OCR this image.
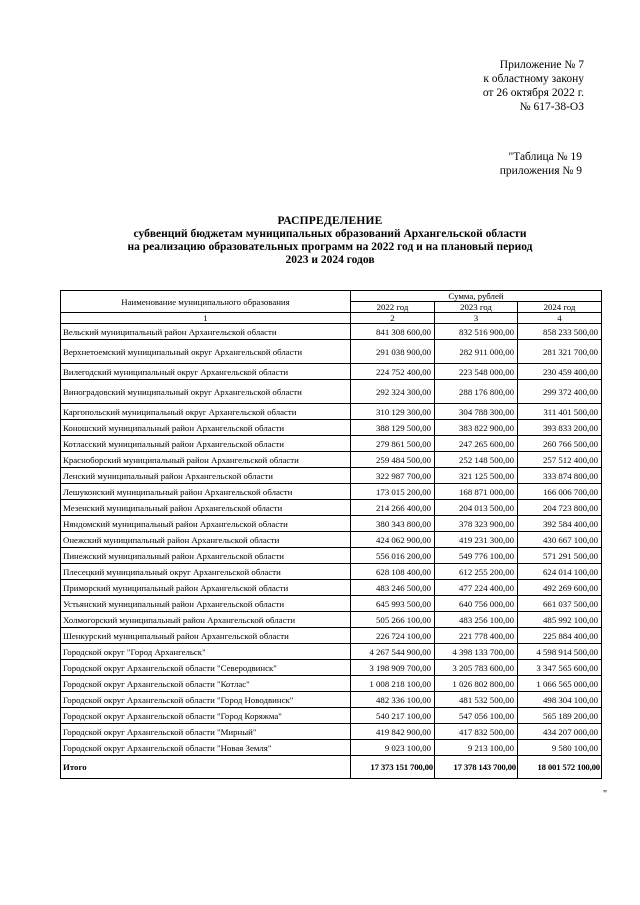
Приложение № 7
к областному закону
от 26 октября 2022 г.
№ 617-38-ОЗ
"Таблица № 19
приложения № 9
РАСПРЕДЕЛЕНИЕ
субвенций бюджетам муниципальных образований Архангельской области
на реализацию образовательных программ на 2022 год и на плановый период
2023 и 2024 годов
Наименование муниципального образования	Сумма, рублей		
	2022 год	2023 год	2024 год
1	2	3	4
Вельский муниципальный район Архангельской области	841 308 600,00	832 516 900,00	858 233 500,00
Верхнетоемский муниципальный округ Архангельской области	291 038 900,00	282 911 000,00	281 321 700,00
Вилегодский муниципальный округ Архангельской области	224 752 400,00	223 548 000,00	230 459 400,00
Виноградовский муниципальный округ Архангельской области	292 324 300,00	288 176 800,00	299 372 400,00
Каргопольский муниципальный округ Архангельской области	310 129 300,00	304 788 300,00	311 401 500,00
Коношский муниципальный район Архангельской области	388 129 500,00	383 822 900,00	393 833 200,00
Котласский муниципальный район Архангельской области	279 861 500,00	247 265 600,00	260 766 500,00
Красноборский муниципальный район Архангельской области	259 484 500,00	252 148 500,00	257 512 400,00
Ленский муниципальный район Архангельской области	322 987 700,00	321 125 500,00	333 874 800,00
Лешуконский муниципальный район Архангельской области	173 015 200,00	168 871 000,00	166 006 700,00
Мезенский муниципальный район Архангельской области	214 266 400,00	204 013 500,00	204 723 800,00
Няндомский муниципальный район Архангельской области	380 343 800,00	378 323 900,00	392 584 400,00
Онежский муниципальный район Архангельской области	424 062 900,00	419 231 300,00	430 667 100,00
Пинежский муниципальный район Архангельской области	556 016 200,00	549 776 100,00	571 291 500,00
Плесецкий муниципальный округ Архангельской области	628 108 400,00	612 255 200,00	624 014 100,00
Приморский муниципальный район Архангельской области	483 246 500,00	477 224 400,00	492 269 600,00
Устьянский муниципальный район Архангельской области	645 993 500,00	640 756 000,00	661 037 500,00
Холмогорский муниципальный район Архангельской области	505 266 100,00	483 256 100,00	485 992 100,00
Шенкурский муниципальный район Архангельской области	226 724 100,00	221 778 400,00	225 884 400,00
Городской округ "Город Архангельск"	4 267 544 900,00	4 398 133 700,00	4 598 914 500,00
Городской округ Архангельской области "Северодвинск"	3 198 909 700,00	3 205 783 600,00	3 347 565 600,00
Городской округ Архангельской области "Котлас"	1 008 218 100,00	1 026 802 800,00	1 066 565 000,00
Городской округ Архангельской области "Город Новодвинск"	482 336 100,00	481 532 500,00	498 304 100,00
Городской округ Архангельской области "Город Коряжма"	540 217 100,00	547 056 100,00	565 189 200,00
Городской округ Архангельской области "Мирный"	419 842 900,00	417 832 500,00	434 207 000,00
Городской округ Архангельской области "Новая Земля"	9 023 100,00	9 213 100,00	9 580 100,00
Итого	17 373 151 700,00	17 378 143 700,00	18 001 572 100,00
"
